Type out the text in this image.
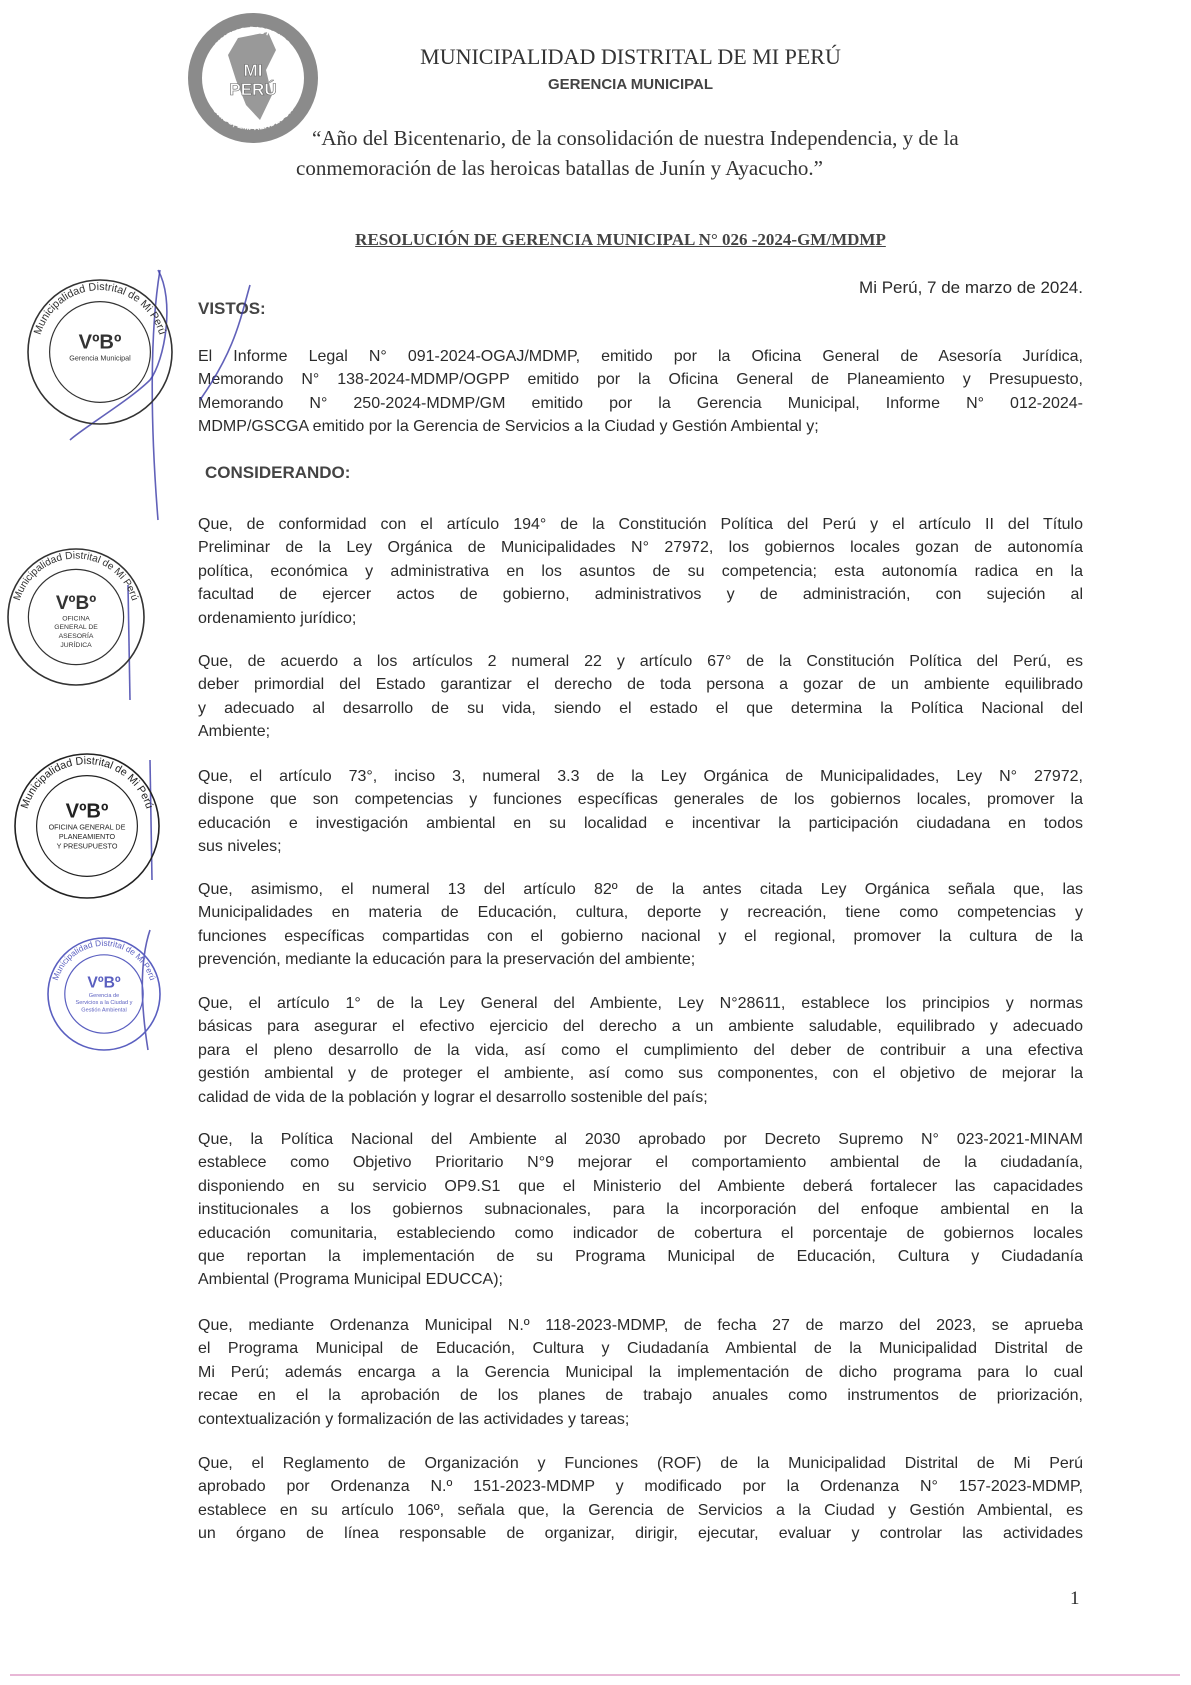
NUEVO DISTRITO
UNIDO, EMPRENDEDOR
MI
PERÚ
MUNICIPALIDAD DISTRITAL DE MI PERÚ
GERENCIA MUNICIPAL
“Año del Bicentenario, de la consolidación de nuestra Independencia, y de la
conmemoración de las heroicas batallas de Junín y Ayacucho.”
RESOLUCIÓN DE GERENCIA MUNICIPAL N° 026 -2024-GM/MDMP
Mi Perú, 7 de marzo de 2024.
VISTOS:
El Informe Legal N° 091-2024-OGAJ/MDMP, emitido por la Oficina General de Asesoría Jurídica,
Memorando N° 138-2024-MDMP/OGPP emitido por la Oficina General de Planeamiento y Presupuesto,
Memorando N° 250-2024-MDMP/GM emitido por la Gerencia Municipal, Informe N° 012-2024-
MDMP/GSCGA emitido por la Gerencia de Servicios a la Ciudad y Gestión Ambiental y;
CONSIDERANDO:
Que, de conformidad con el artículo 194° de la Constitución Política del Perú y el artículo II del Título
Preliminar de la Ley Orgánica de Municipalidades N° 27972, los gobiernos locales gozan de autonomía
política, económica y administrativa en los asuntos de su competencia; esta autonomía radica en la
facultad de ejercer actos de gobierno, administrativos y de administración, con sujeción al
ordenamiento jurídico;
Que, de acuerdo a los artículos 2 numeral 22 y artículo 67° de la Constitución Política del Perú, es
deber primordial del Estado garantizar el derecho de toda persona a gozar de un ambiente equilibrado
y adecuado al desarrollo de su vida, siendo el estado el que determina la Política Nacional del
Ambiente;
Que, el artículo 73°, inciso 3, numeral 3.3 de la Ley Orgánica de Municipalidades, Ley N° 27972,
dispone que son competencias y funciones específicas generales de los gobiernos locales, promover la
educación e investigación ambiental en su localidad e incentivar la participación ciudadana en todos
sus niveles;
Que, asimismo, el numeral 13 del artículo 82º de la antes citada Ley Orgánica señala que, las
Municipalidades en materia de Educación, cultura, deporte y recreación, tiene como competencias y
funciones específicas compartidas con el gobierno nacional y el regional, promover la cultura de la
prevención, mediante la educación para la preservación del ambiente;
Que, el artículo 1° de la Ley General del Ambiente, Ley N°28611, establece los principios y normas
básicas para asegurar el efectivo ejercicio del derecho a un ambiente saludable, equilibrado y adecuado
para el pleno desarrollo de la vida, así como el cumplimiento del deber de contribuir a una efectiva
gestión ambiental y de proteger el ambiente, así como sus componentes, con el objetivo de mejorar la
calidad de vida de la población y lograr el desarrollo sostenible del país;
Que, la Política Nacional del Ambiente al 2030 aprobado por Decreto Supremo N° 023-2021-MINAM
establece como Objetivo Prioritario N°9 mejorar el comportamiento ambiental de la ciudadanía,
disponiendo en su servicio OP9.S1 que el Ministerio del Ambiente deberá fortalecer las capacidades
institucionales a los gobiernos subnacionales, para la incorporación del enfoque ambiental en la
educación comunitaria, estableciendo como indicador de cobertura el porcentaje de gobiernos locales
que reportan la implementación de su Programa Municipal de Educación, Cultura y Ciudadanía
Ambiental (Programa Municipal EDUCCA);
Que, mediante Ordenanza Municipal N.º 118-2023-MDMP, de fecha 27 de marzo del 2023, se aprueba
el Programa Municipal de Educación, Cultura y Ciudadanía Ambiental de la Municipalidad Distrital de
Mi Perú; además encarga a la Gerencia Municipal la implementación de dicho programa para lo cual
recae en el la aprobación de los planes de trabajo anuales como instrumentos de priorización,
contextualización y formalización de las actividades y tareas;
Que, el Reglamento de Organización y Funciones (ROF) de la Municipalidad Distrital de Mi Perú
aprobado por Ordenanza N.º 151-2023-MDMP y modificado por la Ordenanza N° 157-2023-MDMP,
establece en su artículo 106º, señala que, la Gerencia de Servicios a la Ciudad y Gestión Ambiental, es
un órgano de línea responsable de organizar, dirigir, ejecutar, evaluar y controlar las actividades
Municipalidad Distrital de Mi Perú
VºBº
Gerencia Municipal
Municipalidad Distrital de Mi Perú
VºBº
OFICINA
GENERAL DE
ASESORÍA
JURÍDICA
Municipalidad Distrital de Mi Perú
VºBº
OFICINA GENERAL DE
PLANEAMIENTO
Y PRESUPUESTO
Municipalidad Distrital de Mi Perú
VºBº
Gerencia de
Servicios a la Ciudad y
Gestión Ambiental
1
